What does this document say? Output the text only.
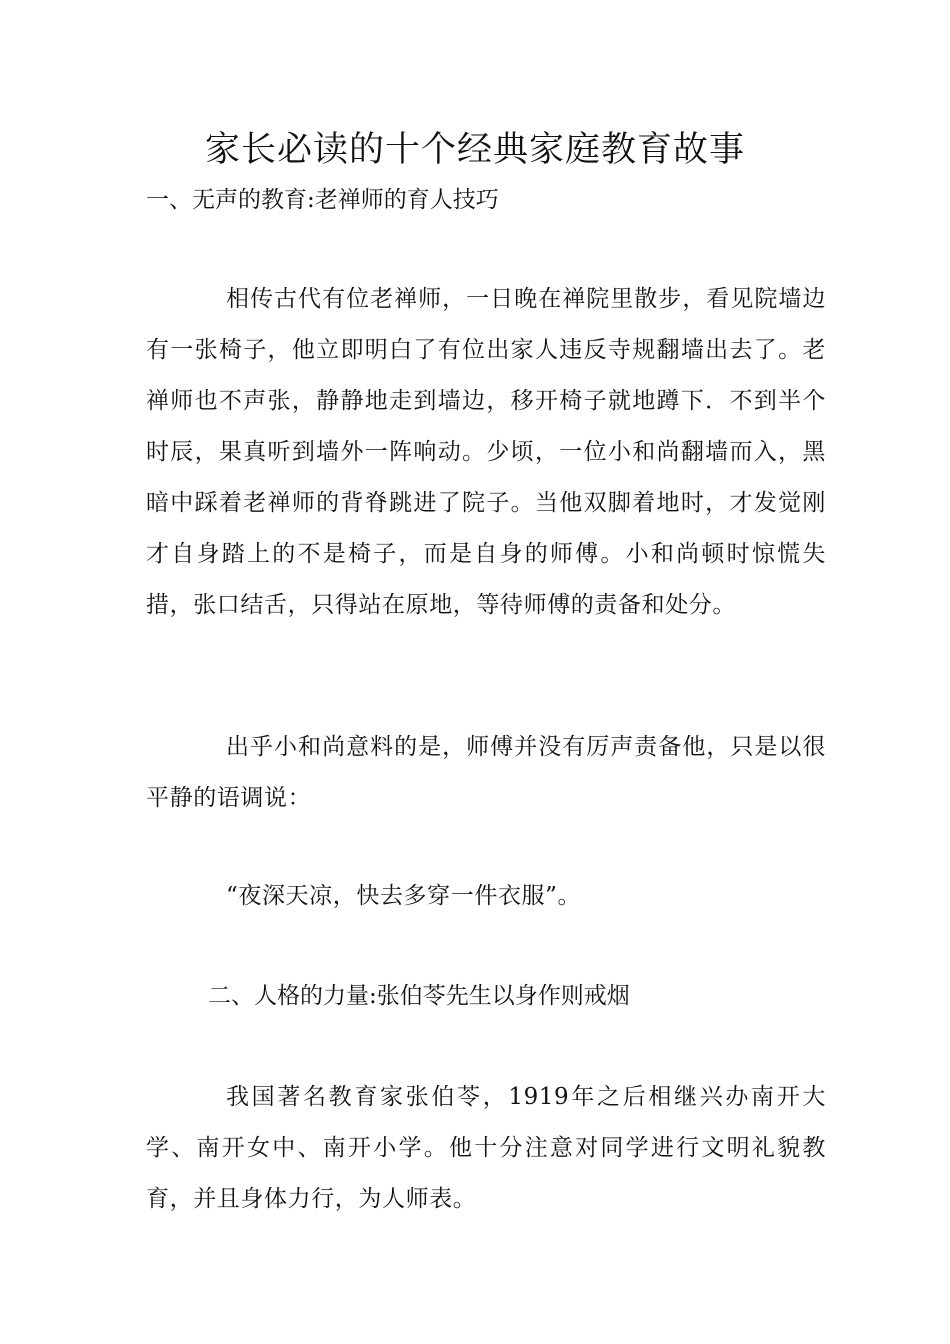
家长必读的十个经典家庭教育故事
一、无声的教育:老禅师的育人技巧

相传古代有位老禅师，一日晚在禅院里散步，看见院墙边有一张椅子，他立即明白了有位出家人违反寺规翻墙出去了。老禅师也不声张，静静地走到墙边，移开椅子就地蹲下．不到半个时辰，果真听到墙外一阵响动。少顷，一位小和尚翻墙而入，黑暗中踩着老禅师的背脊跳进了院子。当他双脚着地时，才发觉刚才自身踏上的不是椅子，而是自身的师傅。小和尚顿时惊慌失措，张口结舌，只得站在原地，等待师傅的责备和处分。

出乎小和尚意料的是，师傅并没有厉声责备他，只是以很平静的语调说：

“夜深天凉，快去多穿一件衣服”。

二、人格的力量:张伯苓先生以身作则戒烟

我国著名教育家张伯苓，1919年之后相继兴办南开大学、南开女中、南开小学。他十分注意对同学进行文明礼貌教育，并且身体力行，为人师表。
